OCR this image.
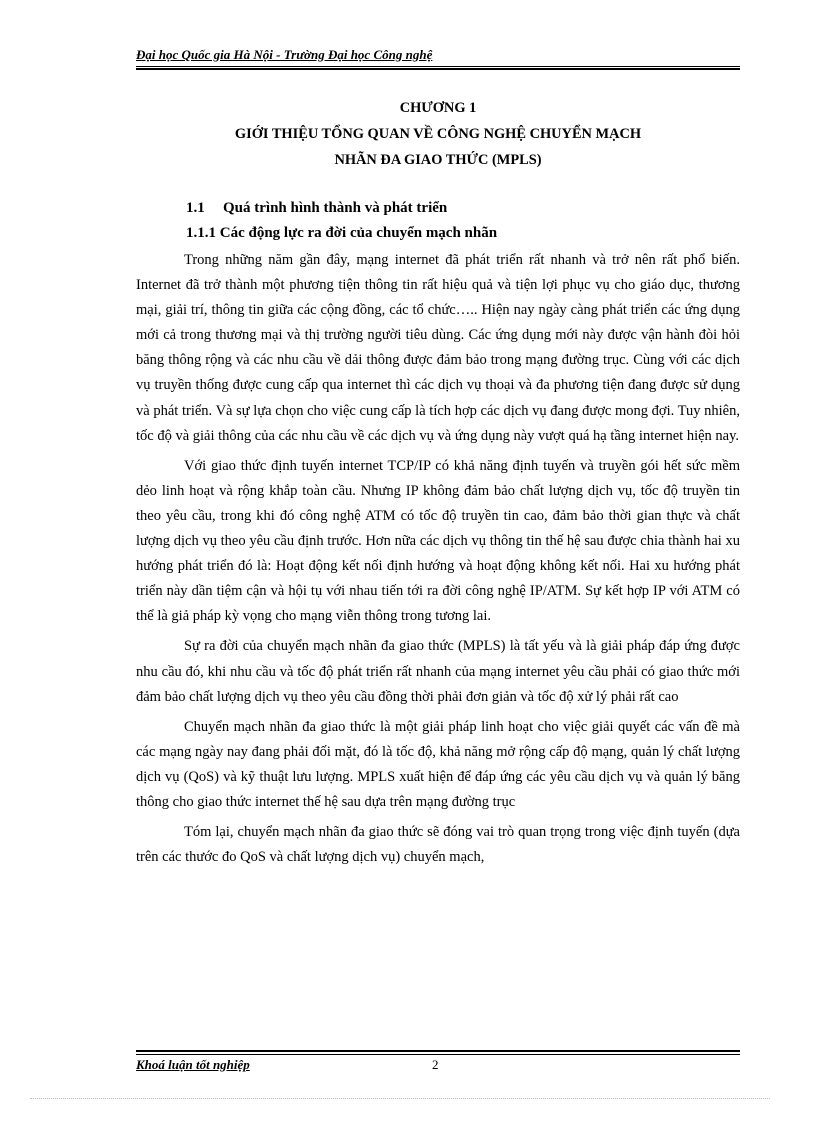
Đại học Quốc gia Hà Nội - Trường Đại học Công nghệ
CHƯƠNG 1
GIỚI THIỆU TỔNG QUAN VỀ CÔNG NGHỆ CHUYỂN MẠCH
NHÃN ĐA GIAO THỨC (MPLS)
1.1 Quá trình hình thành và phát triển
1.1.1 Các động lực ra đời của chuyển mạch nhãn

Trong những năm gần đây, mạng internet đã phát triển rất nhanh và trở nên rất phổ biến. Internet đã trở thành một phương tiện thông tin rất hiệu quả và tiện lợi phục vụ cho giáo dục, thương mại, giải trí, thông tin giữa các cộng đồng, các tổ chức….. Hiện nay ngày càng phát triển các ứng dụng mới cả trong thương mại và thị trường người tiêu dùng. Các ứng dụng mới này được vận hành đòi hỏi băng thông rộng và các nhu cầu về dải thông được đảm bảo trong mạng đường trục. Cùng với các dịch vụ truyền thống được cung cấp qua internet thì các dịch vụ thoại và đa phương tiện đang được sử dụng và phát triển. Và sự lựa chọn cho việc cung cấp là tích hợp các dịch vụ đang được mong đợi. Tuy nhiên, tốc độ và giải thông của các nhu cầu về các dịch vụ và ứng dụng này vượt quá hạ tầng internet hiện nay.

Với giao thức định tuyến internet TCP/IP có khả năng định tuyến và truyền gói hết sức mềm dẻo linh hoạt và rộng khắp toàn cầu. Nhưng IP không đảm bảo chất lượng dịch vụ, tốc độ truyền tin theo yêu cầu, trong khi đó công nghệ ATM có tốc độ truyền tin cao, đảm bảo thời gian thực và chất lượng dịch vụ theo yêu cầu định trước. Hơn nữa các dịch vụ thông tin thế hệ sau được chia thành hai xu hướng phát triển đó là: Hoạt động kết nối định hướng và hoạt động không kết nối. Hai xu hướng phát triển này dần tiệm cận và hội tụ với nhau tiến tới ra đời công nghệ IP/ATM. Sự kết hợp IP với ATM có thể là giả pháp kỳ vọng cho mạng viễn thông trong tương lai.

Sự ra đời của chuyển mạch nhãn đa giao thức (MPLS) là tất yếu và là giải pháp đáp ứng được nhu cầu đó, khi nhu cầu và tốc độ phát triển rất nhanh của mạng internet yêu cầu phải có giao thức mới đảm bảo chất lượng dịch vụ theo yêu cầu đồng thời phải đơn giản và tốc độ xử lý phải rất cao

Chuyển mạch nhãn đa giao thức là một giải pháp linh hoạt cho việc giải quyết các vấn đề mà các mạng ngày nay đang phải đối mặt, đó là tốc độ, khả năng mở rộng cấp độ mạng, quản lý chất lượng dịch vụ (QoS) và kỹ thuật lưu lượng. MPLS xuất hiện để đáp ứng các yêu cầu dịch vụ và quản lý băng thông cho giao thức internet thế hệ sau dựa trên mạng đường trục

Tóm lại, chuyển mạch nhãn đa giao thức sẽ đóng vai trò quan trọng trong việc định tuyến (dựa trên các thước đo QoS và chất lượng dịch vụ) chuyển mạch,

Khoá luận tốt nghiệp	2
